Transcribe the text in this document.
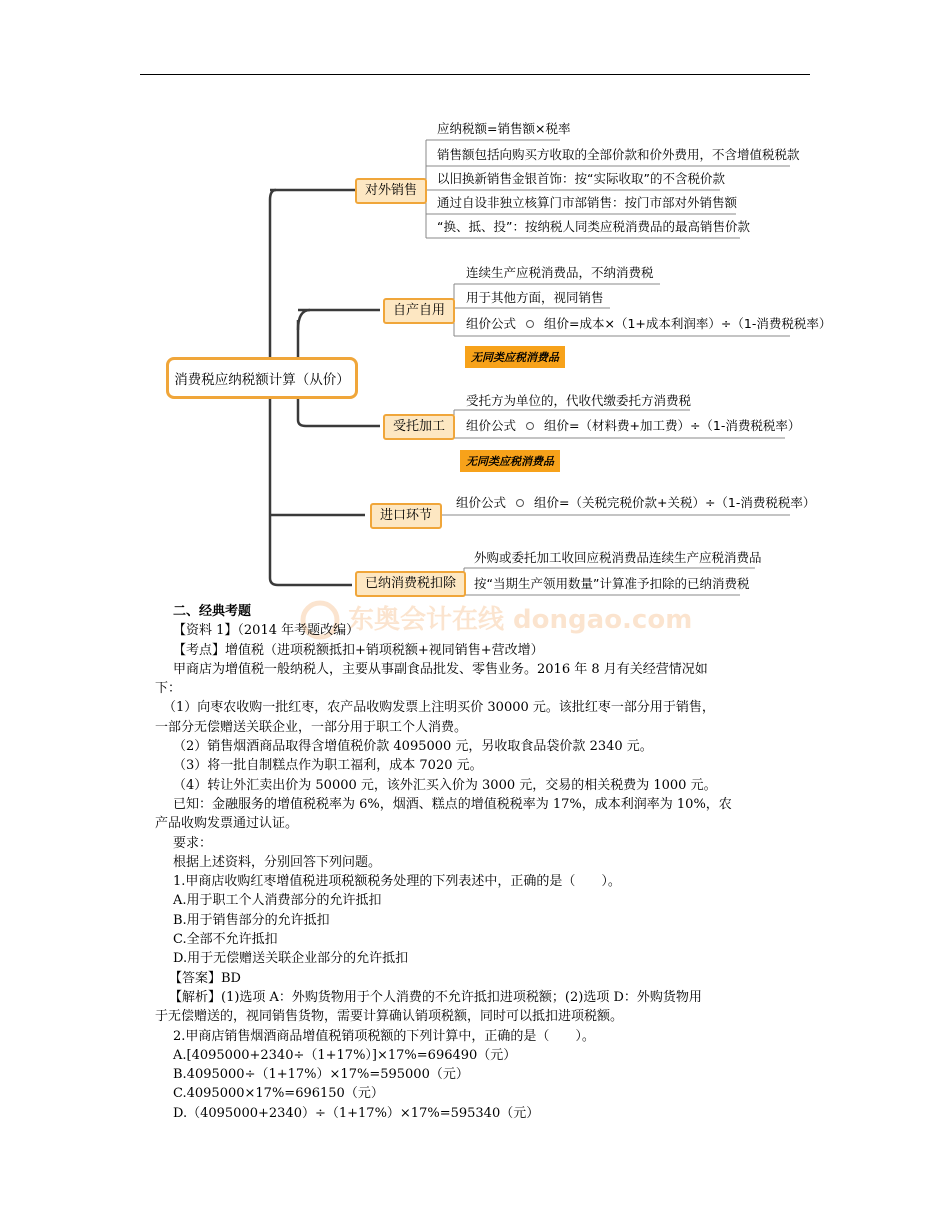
消费税应纳税额计算（从价）
对外销售
应纳税额=销售额×税率
销售额包括向购买方收取的全部价款和价外费用，不含增值税税款
以旧换新销售金银首饰：按“实际收取”的不含税价款
通过自设非独立核算门市部销售：按门市部对外销售额
“换、抵、投”：按纳税人同类应税消费品的最高销售价款
自产自用
连续生产应税消费品，不纳消费税
用于其他方面，视同销售
组价公式 组价=成本×（1+成本利润率）÷（1-消费税税率）
无同类应税消费品
受托加工
受托方为单位的，代收代缴委托方消费税
组价公式 组价=（材料费+加工费）÷（1-消费税税率）
无同类应税消费品
进口环节
组价公式 组价=（关税完税价款+关税）÷（1-消费税税率）
已纳消费税扣除
外购或委托加工收回应税消费品连续生产应税消费品
按“当期生产领用数量”计算准予扣除的已纳消费税
东奥会计在线 dongao.com

二、经典考题

【资料 1】（2014 年考题改编）

【考点】增值税（进项税额抵扣+销项税额+视同销售+营改增）

甲商店为增值税一般纳税人，主要从事副食品批发、零售业务。2016 年 8 月有关经营情况如

下：

（1）向枣农收购一批红枣，农产品收购发票上注明买价 30000 元。该批红枣一部分用于销售，

一部分无偿赠送关联企业，一部分用于职工个人消费。

（2）销售烟酒商品取得含增值税价款 4095000 元，另收取食品袋价款 2340 元。

（3）将一批自制糕点作为职工福利，成本 7020 元。

（4）转让外汇卖出价为 50000 元，该外汇买入价为 3000 元，交易的相关税费为 1000 元。

已知：金融服务的增值税税率为 6%，烟酒、糕点的增值税税率为 17%，成本利润率为 10%，农

产品收购发票通过认证。

要求：

根据上述资料，分别回答下列问题。

1.甲商店收购红枣增值税进项税额税务处理的下列表述中，正确的是（　　）。

A.用于职工个人消费部分的允许抵扣

B.用于销售部分的允许抵扣

C.全部不允许抵扣

D.用于无偿赠送关联企业部分的允许抵扣

【答案】BD

【解析】(1)选项 A：外购货物用于个人消费的不允许抵扣进项税额；(2)选项 D：外购货物用

于无偿赠送的，视同销售货物，需要计算确认销项税额，同时可以抵扣进项税额。

2.甲商店销售烟酒商品增值税销项税额的下列计算中，正确的是（　　）。

A.[4095000+2340÷（1+17%）]×17%=696490（元）

B.4095000÷（1+17%）×17%=595000（元）

C.4095000×17%=696150（元）

D.（4095000+2340）÷（1+17%）×17%=595340（元）
